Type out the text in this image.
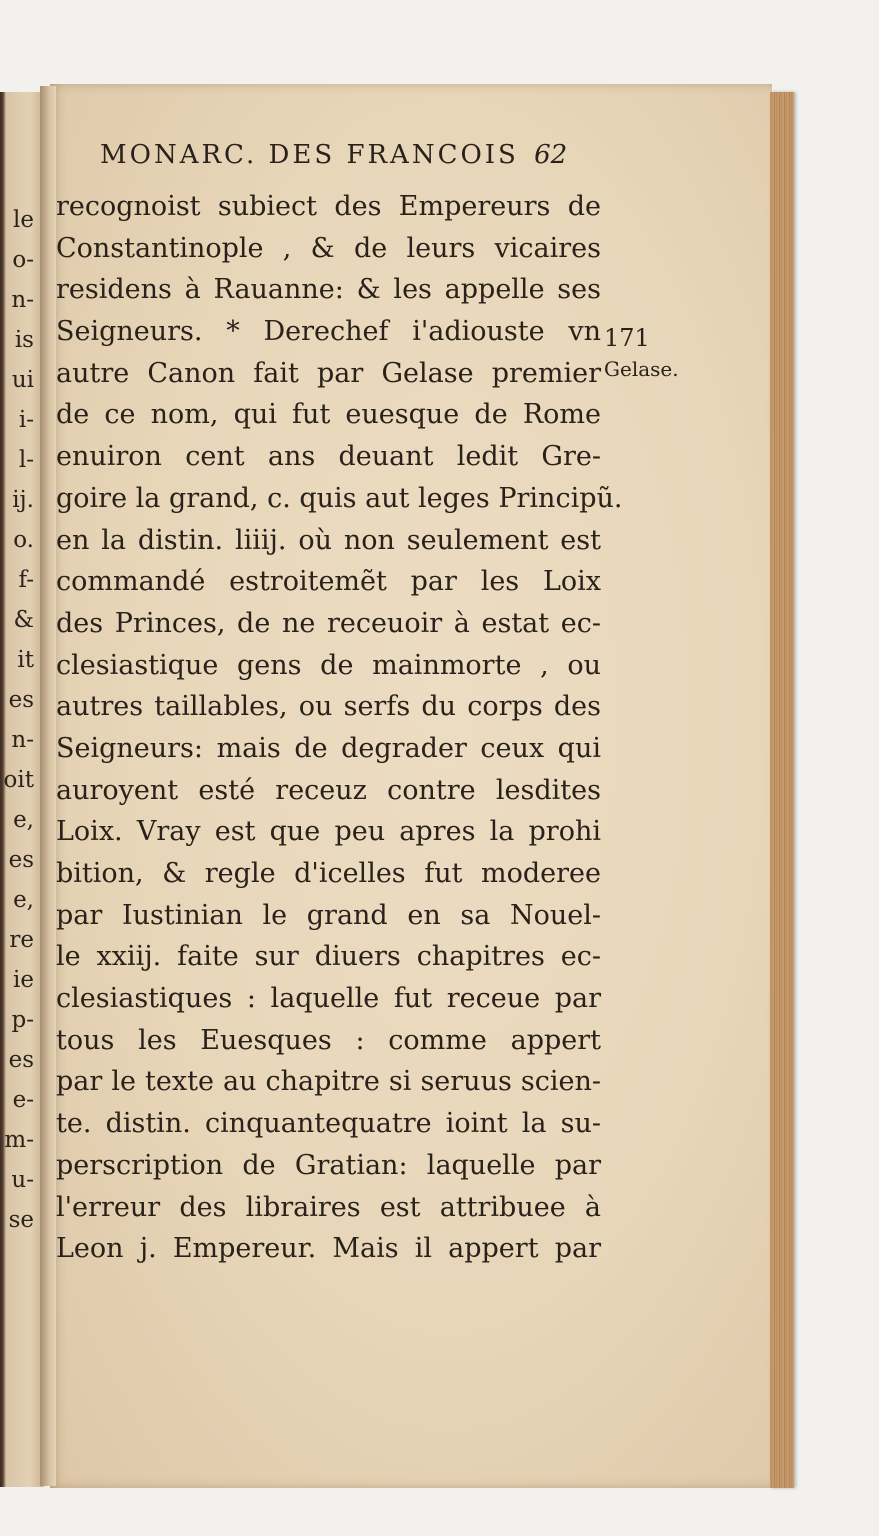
le
o-
n-
is
ui
i-
l-
ij.
o.
f-
&
it
es
n-
oit
e,
es
e,
re
ie
p-
es
e-
m-
u-
se
MONARC. DES FRANCOIS 62
recognoist subiect des Empereurs de
Constantinople , & de leurs vicaires
residens à Rauanne: & les appelle ses
Seigneurs. * Derechef i'adiouste vn
autre Canon fait par Gelase premier
de ce nom, qui fut euesque de Rome
enuiron cent ans deuant ledit Gre-
goire la grand, c. quis aut leges Principũ.
en la distin. liiij. où non seulement est
commandé estroitemẽt par les Loix
des Princes, de ne receuoir à estat ec-
clesiastique gens de mainmorte , ou
autres taillables, ou serfs du corps des
Seigneurs: mais de degrader ceux qui
auroyent esté receuz contre lesdites
Loix. Vray est que peu apres la prohi
bition, & regle d'icelles fut moderee
par Iustinian le grand en sa Nouel-
le xxiij. faite sur diuers chapitres ec-
clesiastiques : laquelle fut receue par
tous les Euesques : comme appert
par le texte au chapitre si seruus scien-
te. distin. cinquantequatre ioint la su-
perscription de Gratian: laquelle par
l'erreur des libraires est attribuee à
Leon j. Empereur. Mais il appert par
171
Gelase.
